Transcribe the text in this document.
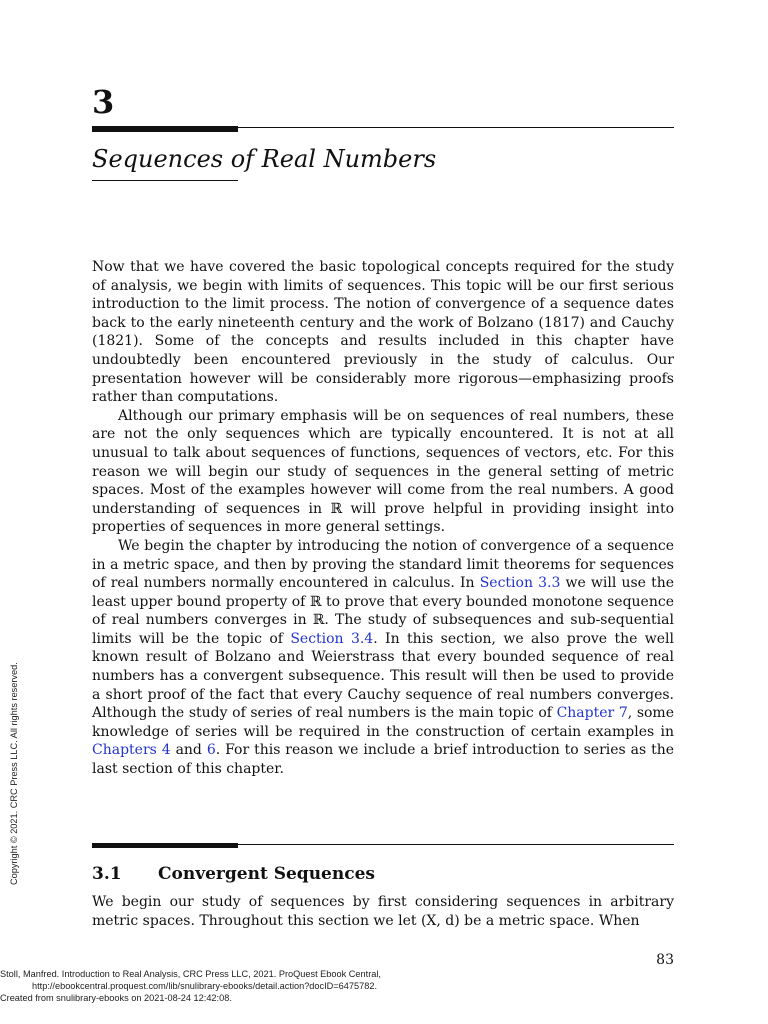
3
Sequences of Real Numbers

Now that we have covered the basic topological concepts required for the study of analysis, we begin with limits of sequences. This topic will be our first serious introduction to the limit process. The notion of convergence of a sequence dates back to the early nineteenth century and the work of Bolzano (1817) and Cauchy (1821). Some of the concepts and results included in this chapter have undoubtedly been encountered previously in the study of calculus. Our presentation however will be considerably more rigorous—emphasizing proofs rather than computations.

Although our primary emphasis will be on sequences of real numbers, these are not the only sequences which are typically encountered. It is not at all unusual to talk about sequences of functions, sequences of vectors, etc. For this reason we will begin our study of sequences in the general setting of metric spaces. Most of the examples however will come from the real numbers. A good understanding of sequences in ℝ will prove helpful in providing insight into properties of sequences in more general settings.

We begin the chapter by introducing the notion of convergence of a sequence in a metric space, and then by proving the standard limit theorems for sequences of real numbers normally encountered in calculus. In Section 3.3 we will use the least upper bound property of ℝ to prove that every bounded monotone sequence of real numbers converges in ℝ. The study of subsequences and sub-sequential limits will be the topic of Section 3.4. In this section, we also prove the well known result of Bolzano and Weierstrass that every bounded sequence of real numbers has a convergent subsequence. This result will then be used to provide a short proof of the fact that every Cauchy sequence of real numbers converges. Although the study of series of real numbers is the main topic of Chapter 7, some knowledge of series will be required in the construction of certain examples in Chapters 4 and 6. For this reason we include a brief introduction to series as the last section of this chapter.

3.1 Convergent Sequences

We begin our study of sequences by first considering sequences in arbitrary metric spaces. Throughout this section we let (X, d) be a metric space. When

83
Stoll, Manfred. Introduction to Real Analysis, CRC Press LLC, 2021. ProQuest Ebook Central,
http://ebookcentral.proquest.com/lib/snulibrary-ebooks/detail.action?docID=6475782.
Created from snulibrary-ebooks on 2021-08-24 12:42:08.
Copyright © 2021. CRC Press LLC. All rights reserved.
